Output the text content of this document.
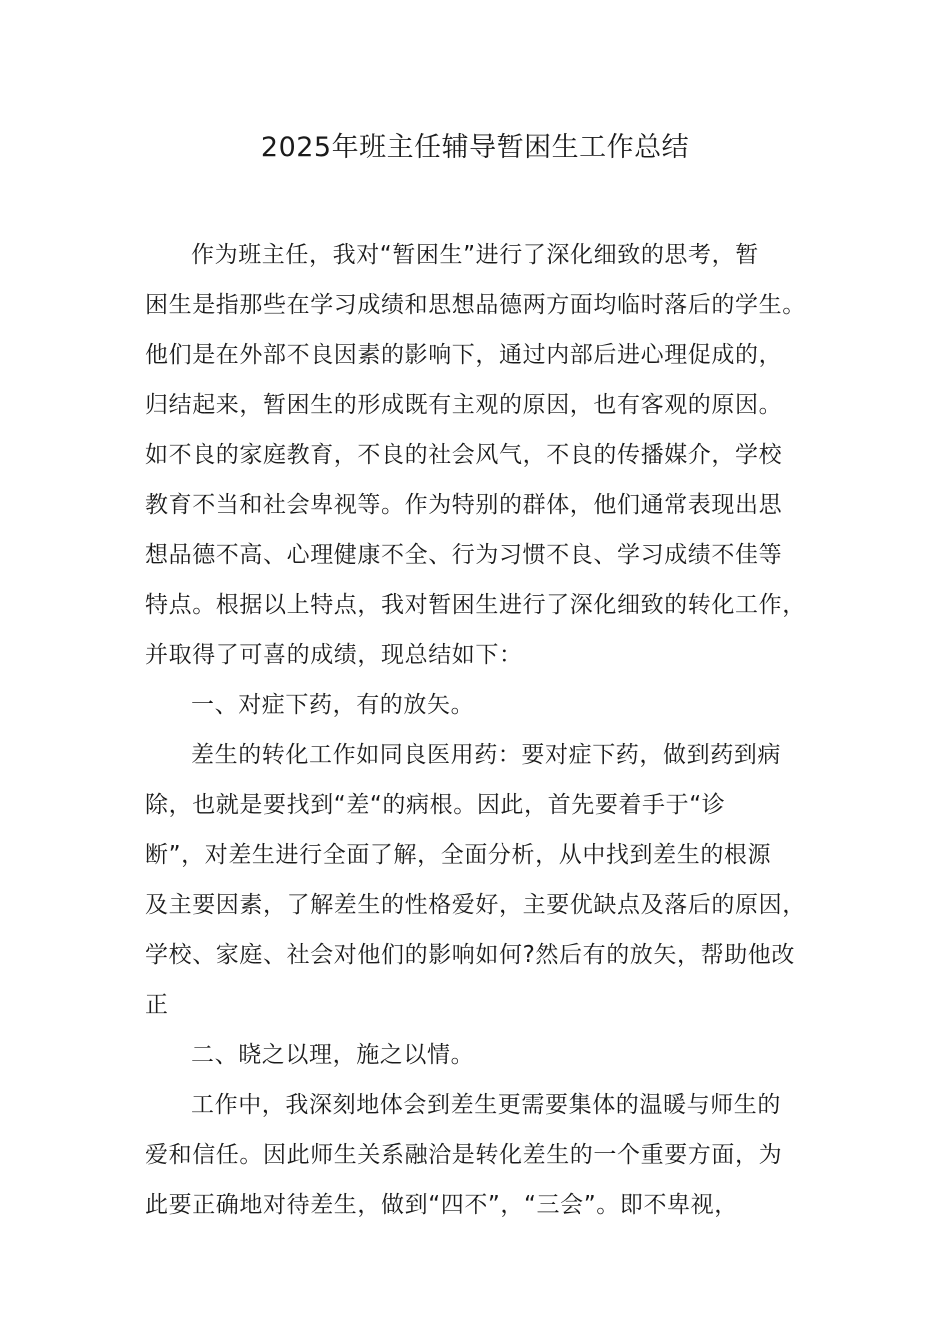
2025年班主任辅导暂困生工作总结
作为班主任，我对“暂困生”进行了深化细致的思考，暂
困生是指那些在学习成绩和思想品德两方面均临时落后的学生。
他们是在外部不良因素的影响下，通过内部后进心理促成的，
归结起来，暂困生的形成既有主观的原因，也有客观的原因。
如不良的家庭教育，不良的社会风气，不良的传播媒介，学校
教育不当和社会卑视等。作为特别的群体，他们通常表现出思
想品德不高、心理健康不全、行为习惯不良、学习成绩不佳等
特点。根据以上特点，我对暂困生进行了深化细致的转化工作，
并取得了可喜的成绩，现总结如下：
一、对症下药，有的放矢。
差生的转化工作如同良医用药：要对症下药，做到药到病
除，也就是要找到“差“的病根。因此，首先要着手于“诊
断”，对差生进行全面了解，全面分析，从中找到差生的根源
及主要因素，了解差生的性格爱好，主要优缺点及落后的原因，
学校、家庭、社会对他们的影响如何?然后有的放矢，帮助他改
正
二、晓之以理，施之以情。
工作中，我深刻地体会到差生更需要集体的温暖与师生的
爱和信任。因此师生关系融洽是转化差生的一个重要方面，为
此要正确地对待差生，做到“四不”，“三会”。即不卑视，
